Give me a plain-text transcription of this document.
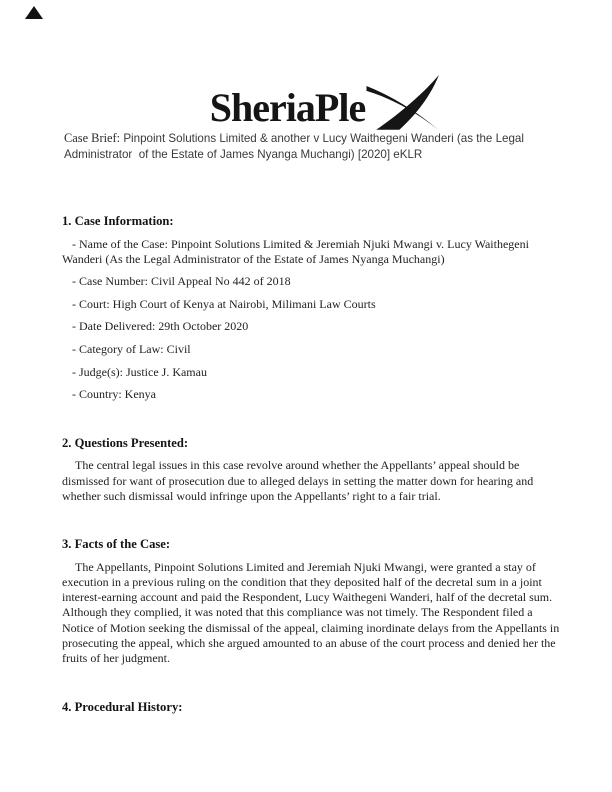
SheriaPle

Case Brief: Pinpoint Solutions Limited & another v Lucy Waithegeni Wanderi (as the Legal Administrator  of the Estate of James Nyanga Muchangi) [2020] eKLR

1. Case Information:

- Name of the Case: Pinpoint Solutions Limited & Jeremiah Njuki Mwangi v. Lucy Waithegeni Wanderi (As the Legal Administrator of the Estate of James Nyanga Muchangi)

- Case Number: Civil Appeal No 442 of 2018

- Court: High Court of Kenya at Nairobi, Milimani Law Courts

- Date Delivered: 29th October 2020

- Category of Law: Civil

- Judge(s): Justice J. Kamau

- Country: Kenya

2. Questions Presented:

The central legal issues in this case revolve around whether the Appellants’ appeal should be dismissed for want of prosecution due to alleged delays in setting the matter down for hearing and whether such dismissal would infringe upon the Appellants’ right to a fair trial.

3. Facts of the Case:

The Appellants, Pinpoint Solutions Limited and Jeremiah Njuki Mwangi, were granted a stay of execution in a previous ruling on the condition that they deposited half of the decretal sum in a joint interest-earning account and paid the Respondent, Lucy Waithegeni Wanderi, half of the decretal sum. Although they complied, it was noted that this compliance was not timely. The Respondent filed a Notice of Motion seeking the dismissal of the appeal, claiming inordinate delays from the Appellants in prosecuting the appeal, which she argued amounted to an abuse of the court process and denied her the fruits of her judgment.

4. Procedural History:
